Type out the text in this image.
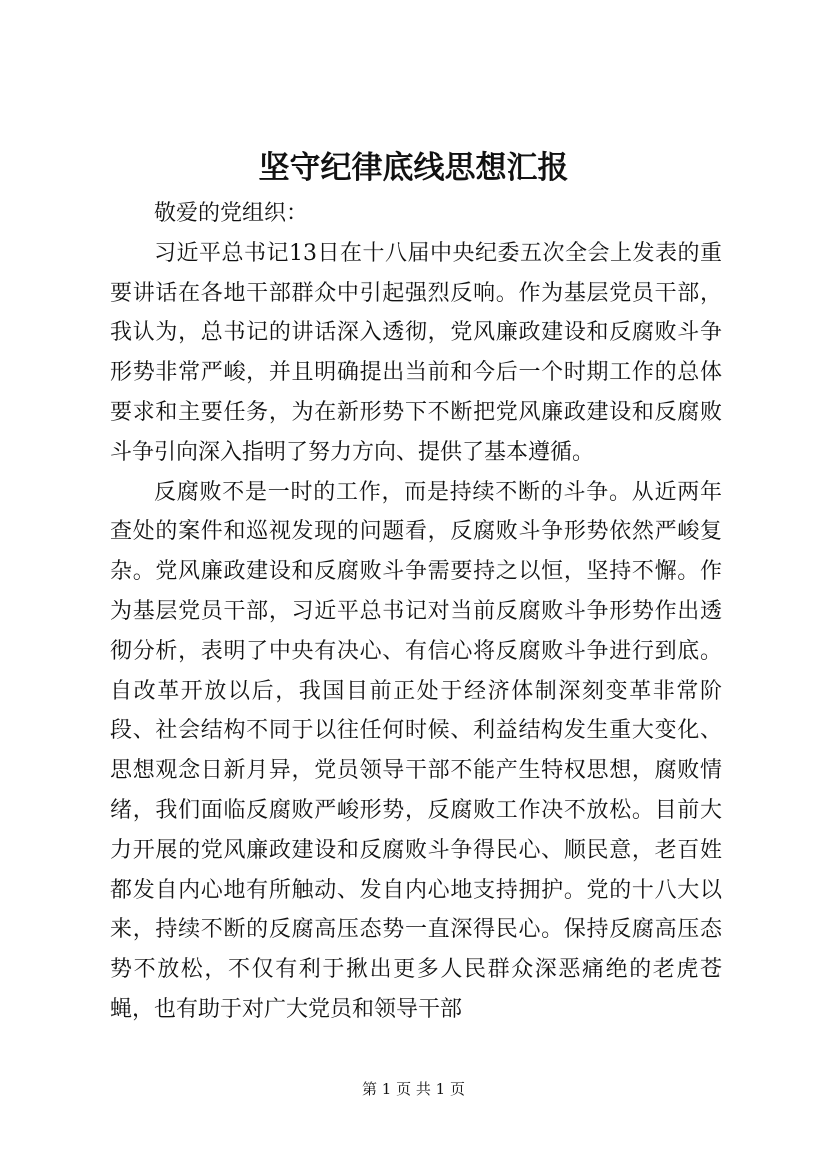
坚守纪律底线思想汇报

敬爱的党组织：

习近平总书记13日在十八届中央纪委五次全会上发表的重要讲话在各地干部群众中引起强烈反响。作为基层党员干部，我认为，总书记的讲话深入透彻，党风廉政建设和反腐败斗争形势非常严峻，并且明确提出当前和今后一个时期工作的总体要求和主要任务，为在新形势下不断把党风廉政建设和反腐败斗争引向深入指明了努力方向、提供了基本遵循。

反腐败不是一时的工作，而是持续不断的斗争。从近两年查处的案件和巡视发现的问题看，反腐败斗争形势依然严峻复杂。党风廉政建设和反腐败斗争需要持之以恒，坚持不懈。作为基层党员干部，习近平总书记对当前反腐败斗争形势作出透彻分析，表明了中央有决心、有信心将反腐败斗争进行到底。自改革开放以后，我国目前正处于经济体制深刻变革非常阶段、社会结构不同于以往任何时候、利益结构发生重大变化、思想观念日新月异，党员领导干部不能产生特权思想，腐败情绪，我们面临反腐败严峻形势，反腐败工作决不放松。目前大力开展的党风廉政建设和反腐败斗争得民心、顺民意，老百姓都发自内心地有所触动、发自内心地支持拥护。党的十八大以来，持续不断的反腐高压态势一直深得民心。保持反腐高压态势不放松，不仅有利于揪出更多人民群众深恶痛绝的老虎苍蝇，也有助于对广大党员和领导干部

第 1 页 共 1 页
